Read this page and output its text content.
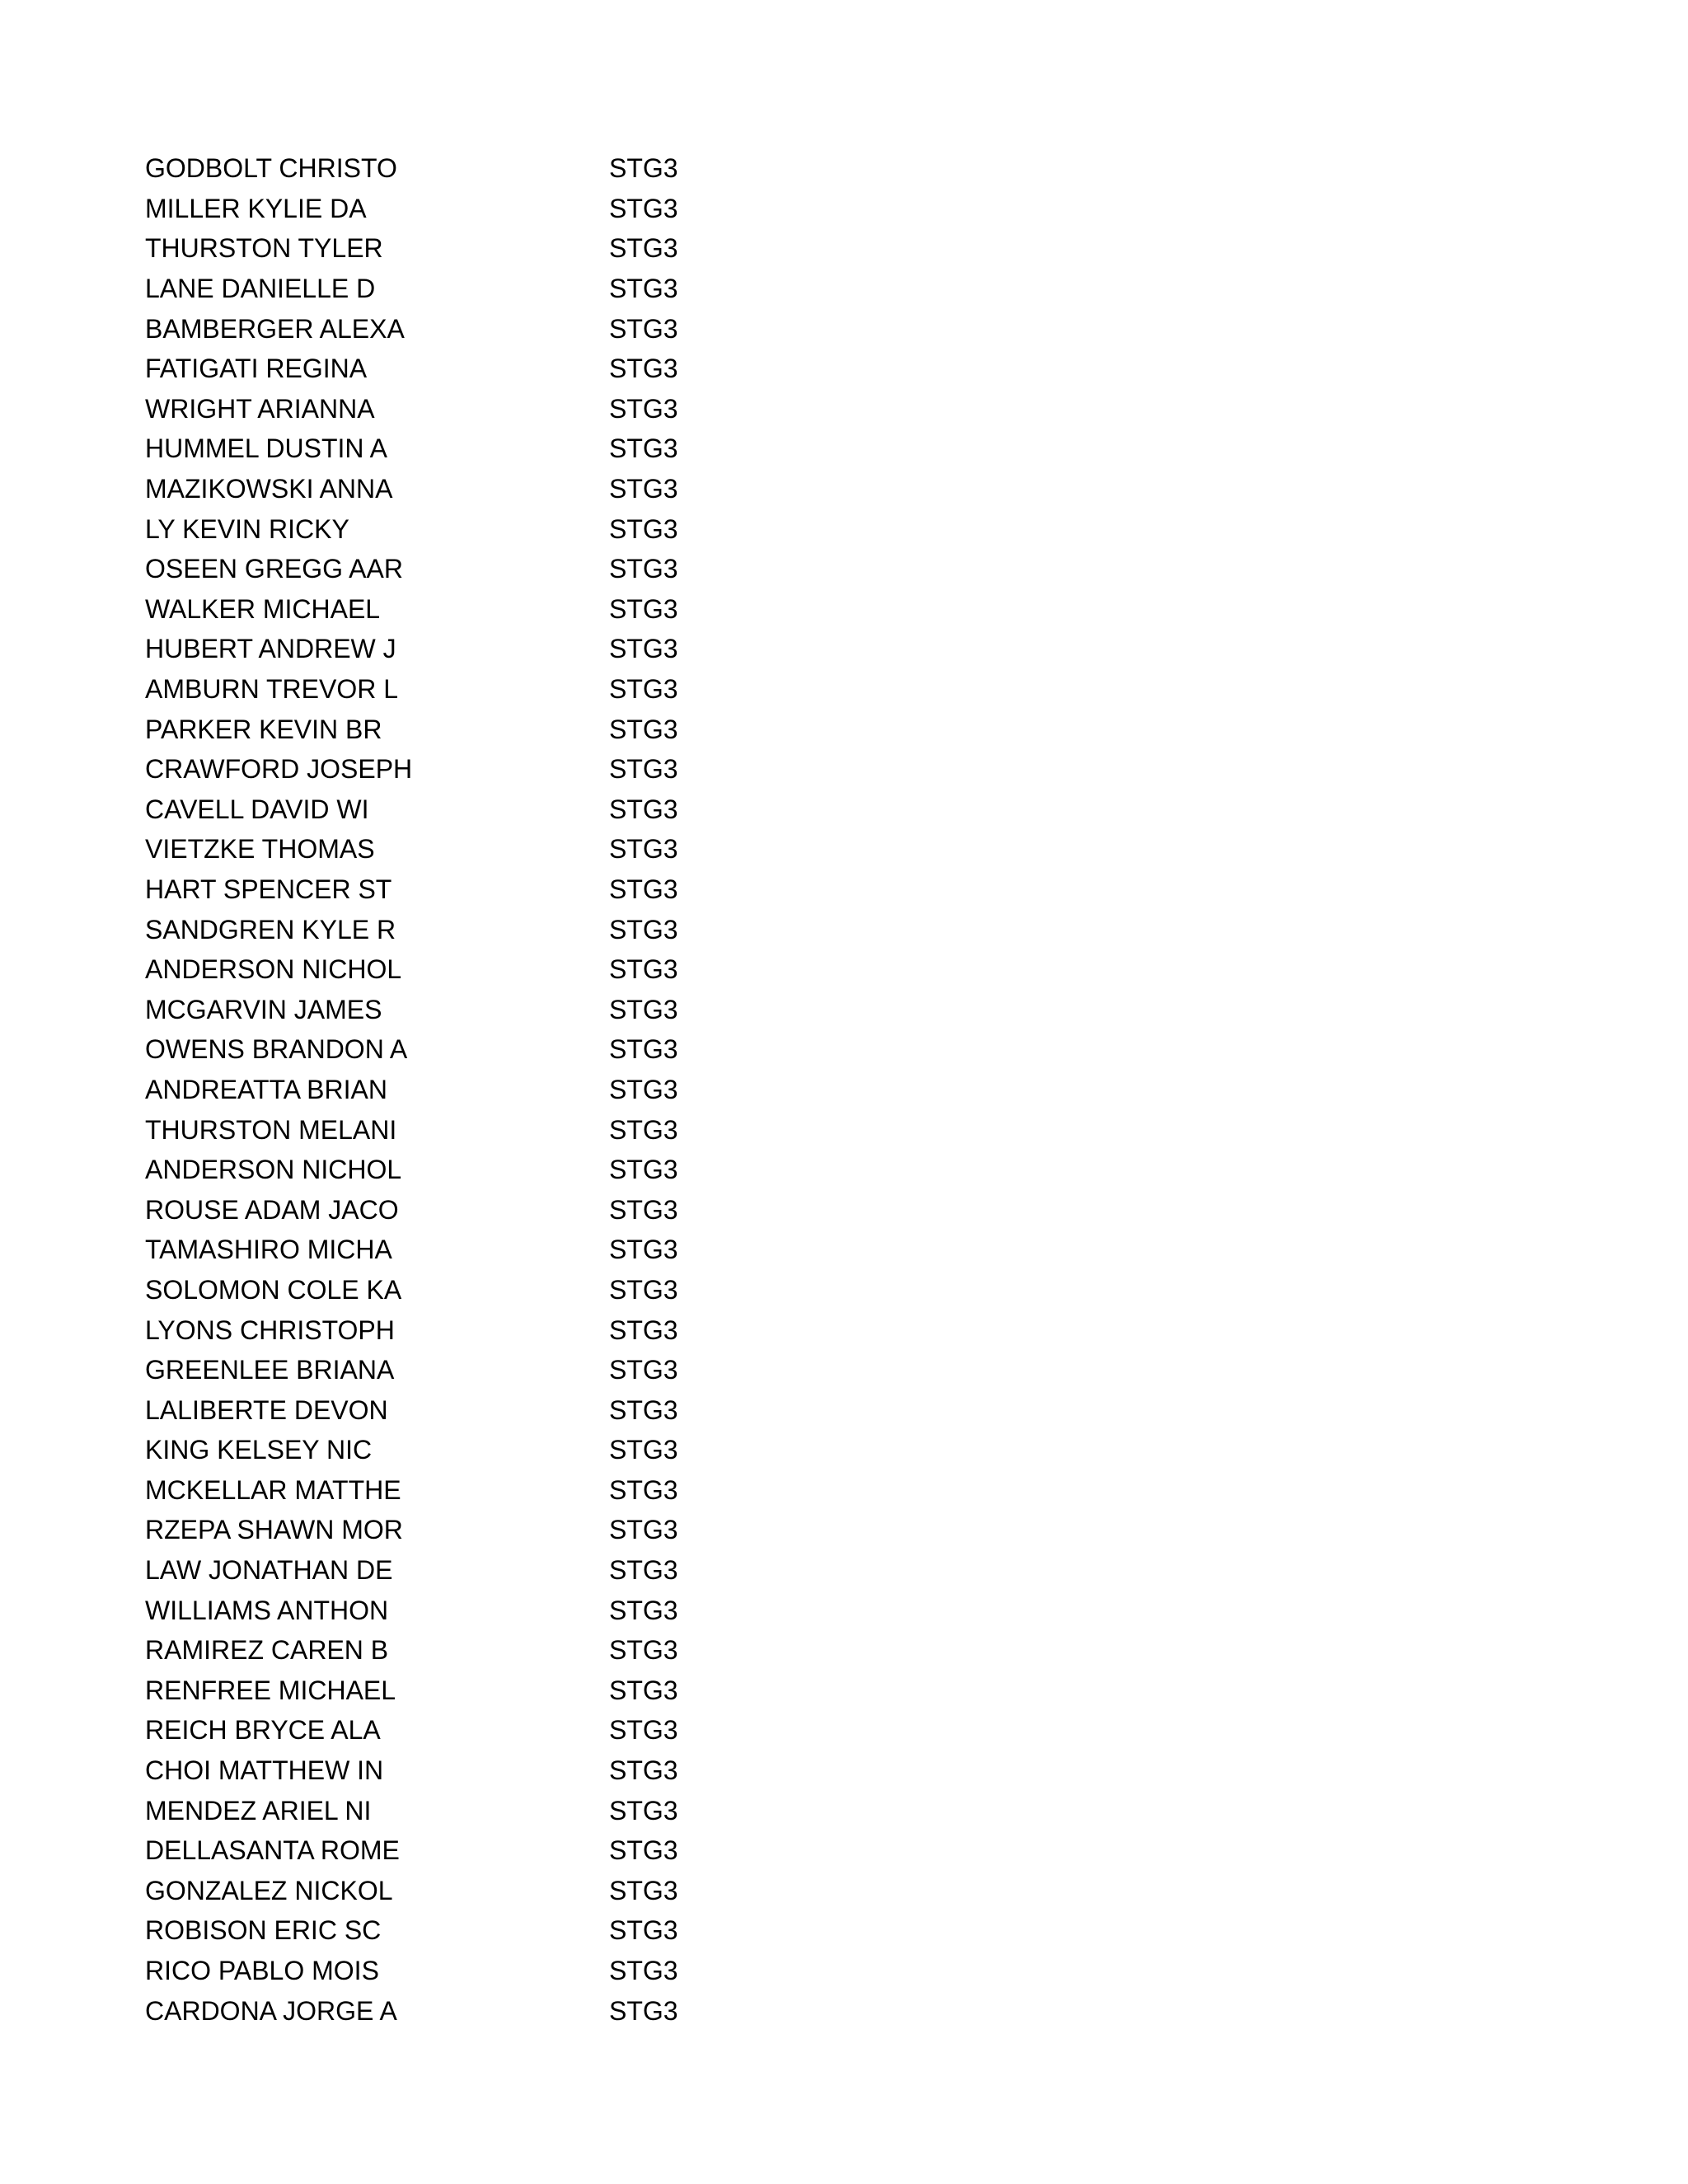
GODBOLT CHRISTO	STG3
MILLER KYLIE DA	STG3
THURSTON TYLER	STG3
LANE DANIELLE D	STG3
BAMBERGER ALEXA	STG3
FATIGATI REGINA	STG3
WRIGHT ARIANNA	STG3
HUMMEL DUSTIN A	STG3
MAZIKOWSKI ANNA	STG3
LY KEVIN RICKY	STG3
OSEEN GREGG AAR	STG3
WALKER MICHAEL	STG3
HUBERT ANDREW J	STG3
AMBURN TREVOR L	STG3
PARKER KEVIN BR	STG3
CRAWFORD JOSEPH	STG3
CAVELL DAVID WI	STG3
VIETZKE THOMAS	STG3
HART SPENCER ST	STG3
SANDGREN KYLE R	STG3
ANDERSON NICHOL	STG3
MCGARVIN JAMES	STG3
OWENS BRANDON A	STG3
ANDREATTA BRIAN	STG3
THURSTON MELANI	STG3
ANDERSON NICHOL	STG3
ROUSE ADAM JACO	STG3
TAMASHIRO MICHA	STG3
SOLOMON COLE KA	STG3
LYONS CHRISTOPH	STG3
GREENLEE BRIANA	STG3
LALIBERTE DEVON	STG3
KING KELSEY NIC	STG3
MCKELLAR MATTHE	STG3
RZEPA SHAWN MOR	STG3
LAW JONATHAN DE	STG3
WILLIAMS ANTHON	STG3
RAMIREZ CAREN B	STG3
RENFREE MICHAEL	STG3
REICH BRYCE ALA	STG3
CHOI MATTHEW IN	STG3
MENDEZ ARIEL NI	STG3
DELLASANTA ROME	STG3
GONZALEZ NICKOL	STG3
ROBISON ERIC SC	STG3
RICO PABLO MOIS	STG3
CARDONA JORGE A	STG3
